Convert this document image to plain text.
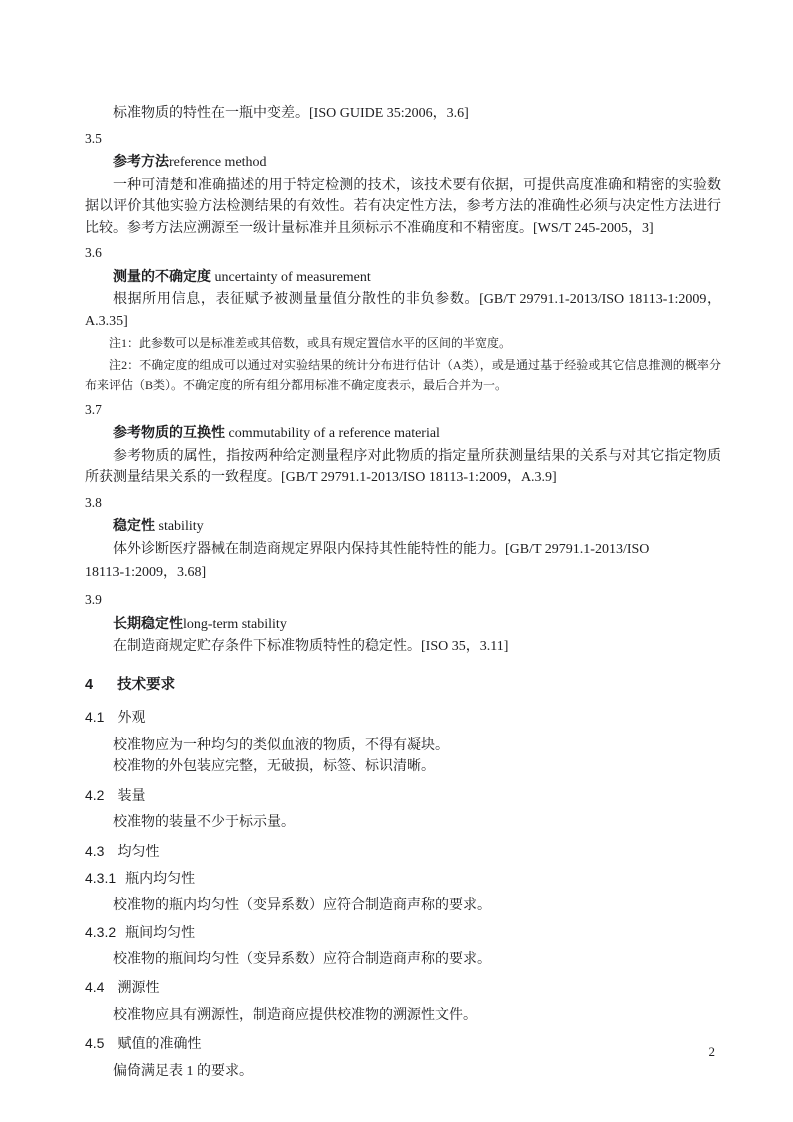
标准物质的特性在一瓶中变差。[ISO GUIDE 35:2006，3.6]

3.5
参考方法reference method

一种可清楚和准确描述的用于特定检测的技术，该技术要有依据，可提供高度准确和精密的实验数据以评价其他实验方法检测结果的有效性。若有决定性方法，参考方法的准确性必须与决定性方法进行比较。参考方法应溯源至一级计量标准并且须标示不准确度和不精密度。[WS/T 245-2005，3]

3.6
测量的不确定度 uncertainty of measurement

根据所用信息，表征赋予被测量量值分散性的非负参数。[GB/T 29791.1-2013/ISO 18113-1:2009，A.3.35]

注1：此参数可以是标准差或其倍数，或具有规定置信水平的区间的半宽度。

注2：不确定度的组成可以通过对实验结果的统计分布进行估计（A类），或是通过基于经验或其它信息推测的概率分布来评估（B类）。不确定度的所有组分都用标准不确定度表示，最后合并为一。

3.7
参考物质的互换性 commutability of a reference material

参考物质的属性，指按两种给定测量程序对此物质的指定量所获测量结果的关系与对其它指定物质所获测量结果关系的一致程度。[GB/T 29791.1-2013/ISO 18113-1:2009，A.3.9]

3.8
稳定性 stability

体外诊断医疗器械在制造商规定界限内保持其性能特性的能力。[GB/T 29791.1-2013/ISO

18113-1:2009，3.68]

3.9
长期稳定性long-term stability

在制造商规定贮存条件下标准物质特性的稳定性。[ISO 35，3.11]

4 技术要求
4.1 外观

校准物应为一种均匀的类似血液的物质，不得有凝块。

校准物的外包装应完整，无破损，标签、标识清晰。

4.2 装量

校准物的装量不少于标示量。

4.3 均匀性
4.3.1 瓶内均匀性

校准物的瓶内均匀性（变异系数）应符合制造商声称的要求。

4.3.2 瓶间均匀性

校准物的瓶间均匀性（变异系数）应符合制造商声称的要求。

4.4 溯源性

校准物应具有溯源性，制造商应提供校准物的溯源性文件。

4.5 赋值的准确性

偏倚满足表 1 的要求。

2
